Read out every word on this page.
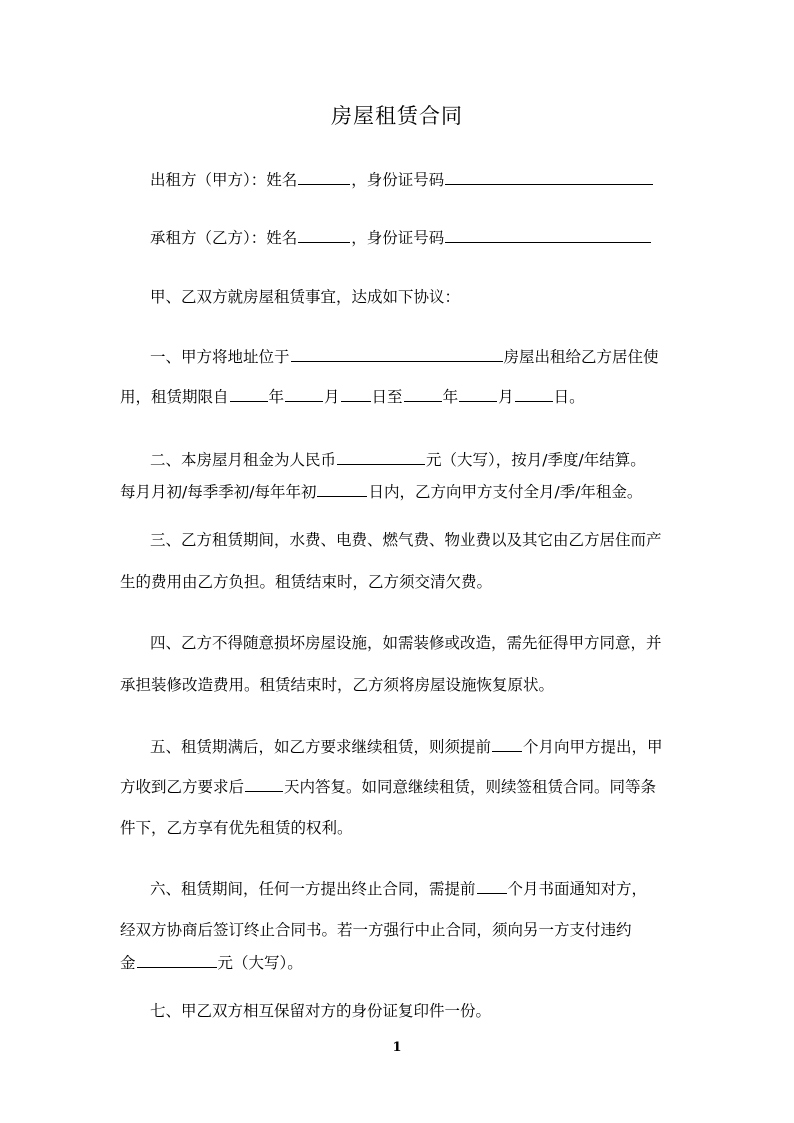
房屋租赁合同
出租方（甲方）：姓名	，身份证号码
承租方（乙方）：姓名	，身份证号码
甲、乙双方就房屋租赁事宜，达成如下协议：
一、甲方将地址位于	房屋出租给乙方居住使
用，租赁期限自	年	月 日至	年	月	日。
二、本房屋月租金为人民币	元（大写），按月/季度/年结算。
每月月初/每季季初/每年年初	日内，乙方向甲方支付全月/季/年租金。
三、乙方租赁期间，水费、电费、燃气费、物业费以及其它由乙方居住而产
生的费用由乙方负担。租赁结束时，乙方须交清欠费。
四、乙方不得随意损坏房屋设施，如需装修或改造，需先征得甲方同意，并
承担装修改造费用。租赁结束时，乙方须将房屋设施恢复原状。
五、租赁期满后，如乙方要求继续租赁，则须提前 个月向甲方提出，甲
方收到乙方要求后	天内答复。如同意继续租赁，则续签租赁合同。同等条
件下，乙方享有优先租赁的权利。
六、租赁期间，任何一方提出终止合同，需提前 个月书面通知对方，
经双方协商后签订终止合同书。若一方强行中止合同，须向另一方支付违约
金	元（大写）。
七、甲乙双方相互保留对方的身份证复印件一份。
1
